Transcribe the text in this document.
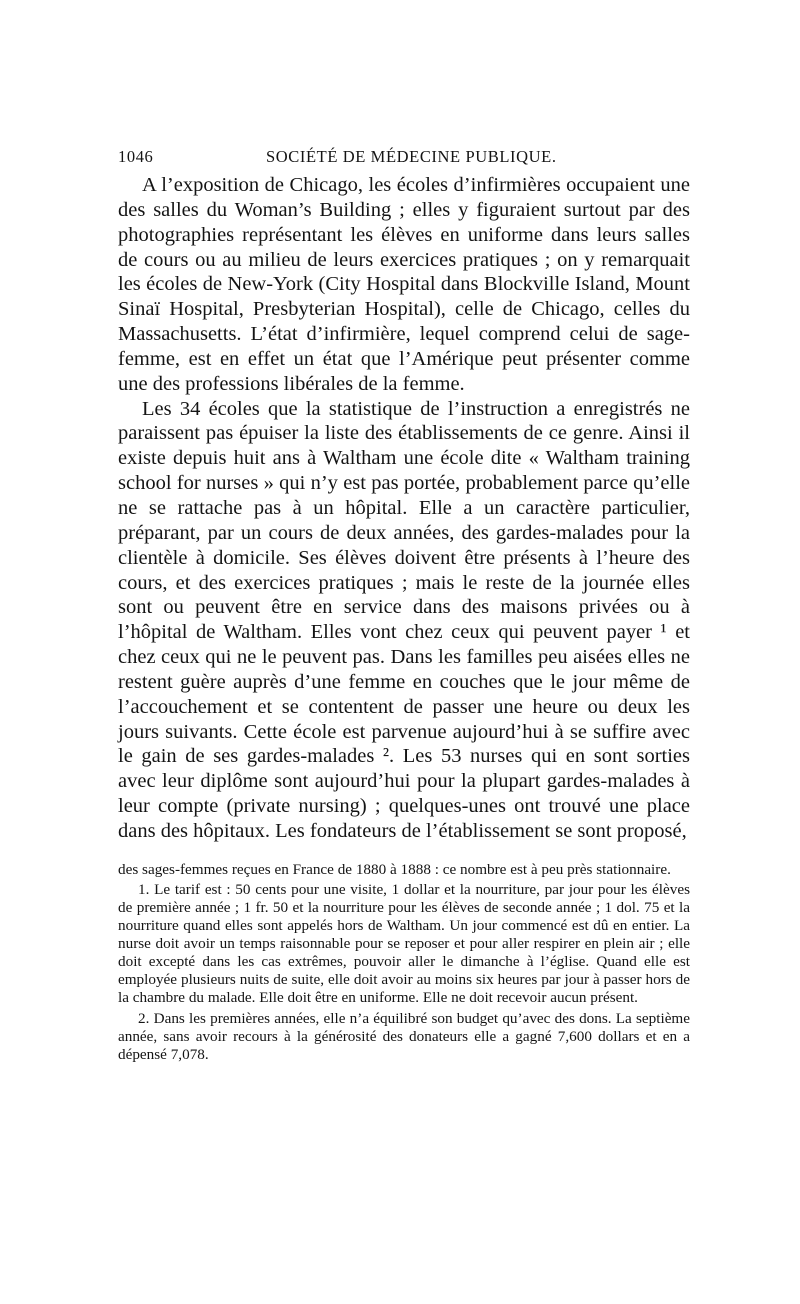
1046	SOCIÉTÉ DE MÉDECINE PUBLIQUE.

A l’exposition de Chicago, les écoles d’infirmières occupaient une des salles du Woman’s Building ; elles y figuraient surtout par des photographies représentant les élèves en uniforme dans leurs salles de cours ou au milieu de leurs exercices pratiques ; on y remarquait les écoles de New-York (City Hospital dans Blockville Island, Mount Sinaï Hospital, Presbyterian Hospital), celle de Chicago, celles du Massachusetts. L’état d’infirmière, lequel comprend celui de sage-femme, est en effet un état que l’Amérique peut présenter comme une des professions libérales de la femme.

Les 34 écoles que la statistique de l’instruction a enregistrés ne paraissent pas épuiser la liste des établissements de ce genre. Ainsi il existe depuis huit ans à Waltham une école dite « Waltham training school for nurses » qui n’y est pas portée, probablement parce qu’elle ne se rattache pas à un hôpital. Elle a un caractère particulier, préparant, par un cours de deux années, des gardes-malades pour la clientèle à domicile. Ses élèves doivent être présents à l’heure des cours, et des exercices pratiques ; mais le reste de la journée elles sont ou peuvent être en service dans des maisons privées ou à l’hôpital de Waltham. Elles vont chez ceux qui peuvent payer ¹ et chez ceux qui ne le peuvent pas. Dans les familles peu aisées elles ne restent guère auprès d’une femme en couches que le jour même de l’accouchement et se contentent de passer une heure ou deux les jours suivants. Cette école est parvenue aujourd’hui à se suffire avec le gain de ses gardes-malades ². Les 53 nurses qui en sont sorties avec leur diplôme sont aujourd’hui pour la plupart gardes-malades à leur compte (private nursing) ; quelques-unes ont trouvé une place dans des hôpitaux. Les fondateurs de l’établissement se sont proposé,

des sages-femmes reçues en France de 1880 à 1888 : ce nombre est à peu près stationnaire.

1. Le tarif est : 50 cents pour une visite, 1 dollar et la nourriture, par jour pour les élèves de première année ; 1 fr. 50 et la nourriture pour les élèves de seconde année ; 1 dol. 75 et la nourriture quand elles sont appelés hors de Waltham. Un jour commencé est dû en entier. La nurse doit avoir un temps raisonnable pour se reposer et pour aller respirer en plein air ; elle doit excepté dans les cas extrêmes, pouvoir aller le dimanche à l’église. Quand elle est employée plusieurs nuits de suite, elle doit avoir au moins six heures par jour à passer hors de la chambre du malade. Elle doit être en uniforme. Elle ne doit recevoir aucun présent.

2. Dans les premières années, elle n’a équilibré son budget qu’avec des dons. La septième année, sans avoir recours à la générosité des donateurs elle a gagné 7,600 dollars et en a dépensé 7,078.
